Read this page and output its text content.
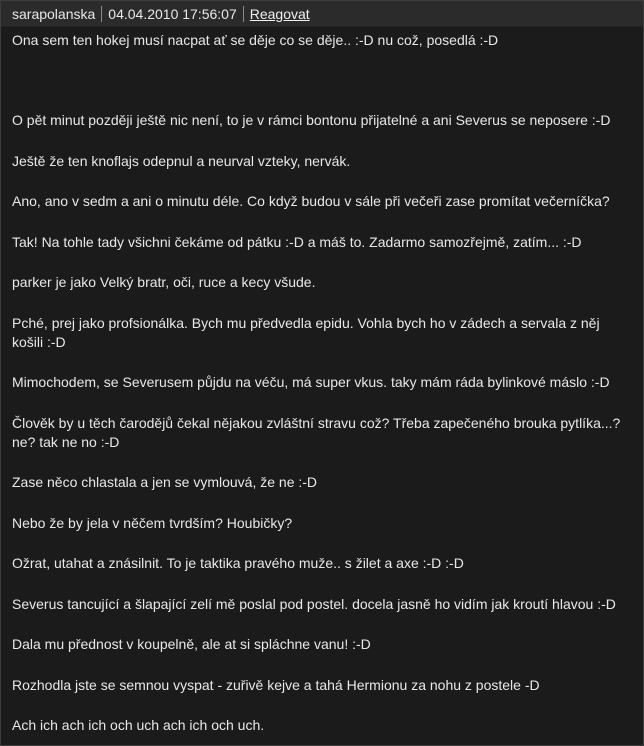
sarapolanska 04.04.2010 17:56:07 Reagovat

Ona sem ten hokej musí nacpat ať se děje co se děje.. :-D nu což, posedlá :-D

O pět minut později ještě nic není, to je v rámci bontonu přijatelné a ani Severus se neposere :-D

Ještě že ten knoflajs odepnul a neurval vzteky, nervák.

Ano, ano v sedm a ani o minutu déle. Co když budou v sále při večeři zase promítat večerníčka?

Tak! Na tohle tady všichni čekáme od pátku :-D a máš to. Zadarmo samozřejmě, zatím... :-D

parker je jako Velký bratr, oči, ruce a kecy všude.

Pché, prej jako profsionálka. Bych mu předvedla epidu. Vohla bych ho v zádech a servala z něj košili :-D

Mimochodem, se Severusem půjdu na véču, má super vkus. taky mám ráda bylinkové máslo :-D

Člověk by u těch čarodějů čekal nějakou zvláštní stravu což? Třeba zapečeného brouka pytlíka...? ne? tak ne no :-D

Zase něco chlastala a jen se vymlouvá, že ne :-D

Nebo že by jela v něčem tvrdším? Houbičky?

Ožrat, utahat a znásilnit. To je taktika pravého muže.. s žilet a axe :-D :-D

Severus tancující a šlapající zelí mě poslal pod postel. docela jasně ho vidím jak kroutí hlavou :-D

Dala mu přednost v koupelně, ale at si spláchne vanu! :-D

Rozhodla jste se semnou vyspat - zuřivě kejve a tahá Hermionu za nohu z postele -D

Ach ich ach ich och uch ach ich och uch.
